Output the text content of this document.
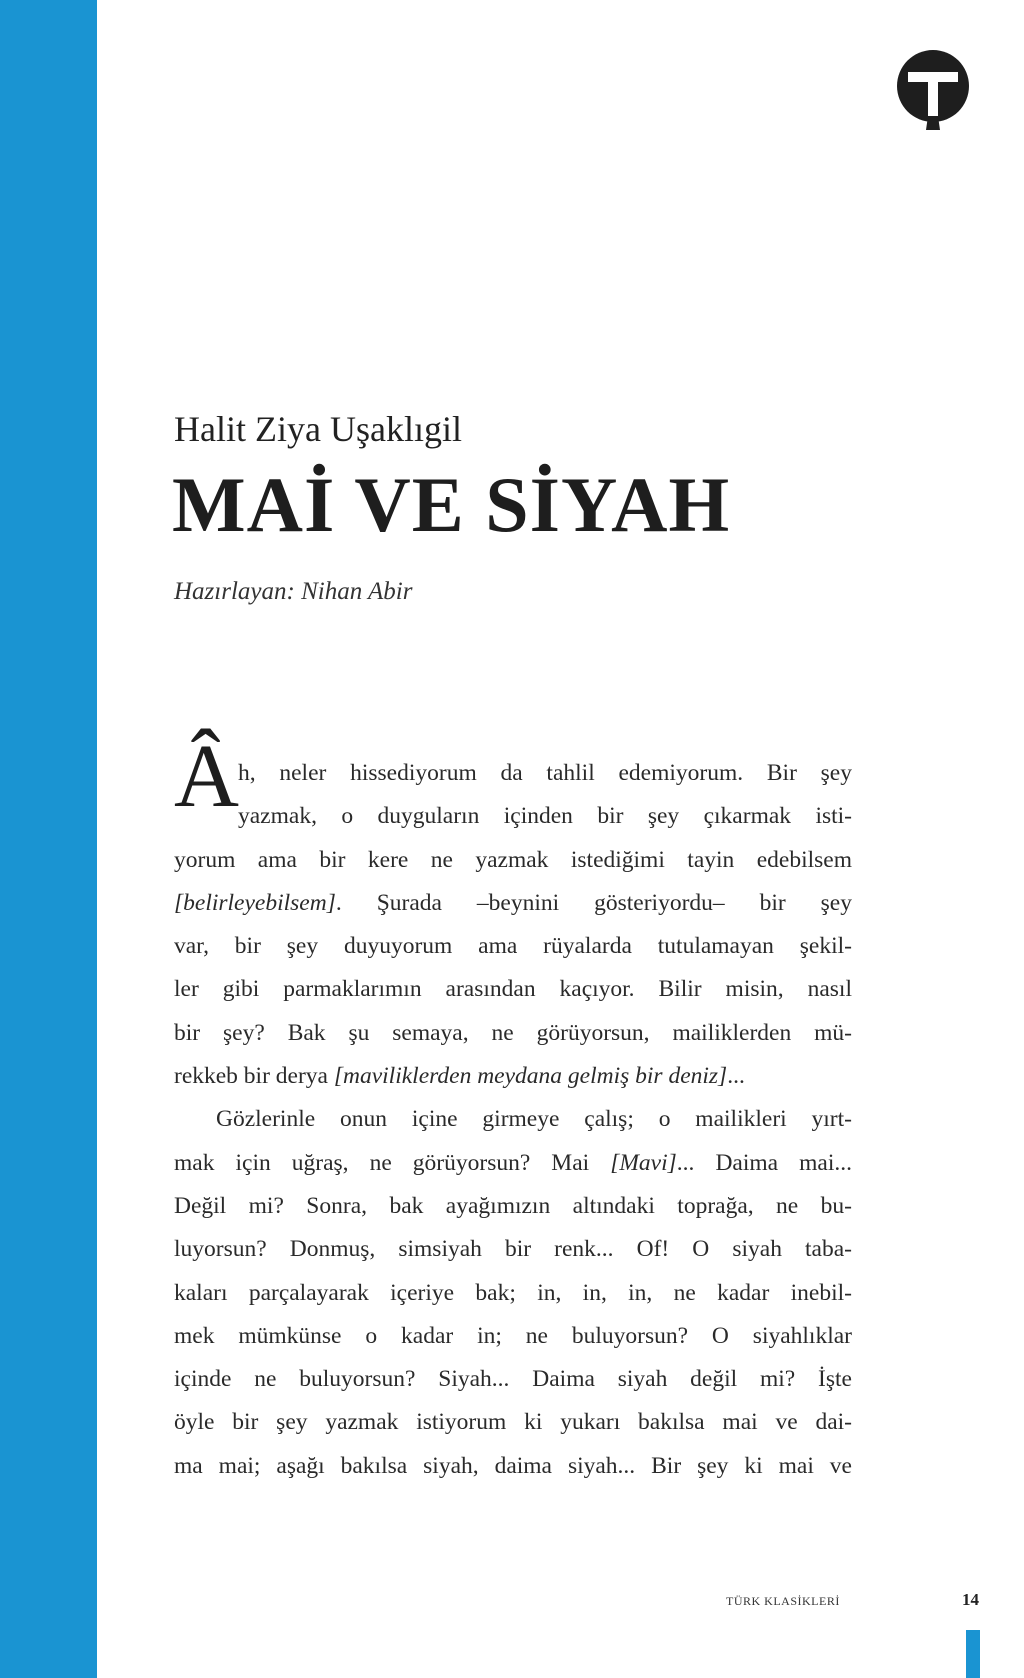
Halit Ziya Uşaklıgil
MAİ VE SİYAH
Hazırlayan: Nihan Abir
Â h, neler hissediyorum da tahlil edemiyorum. Bir şey
yazmak, o duyguların içinden bir şey çıkarmak isti-
yorum ama bir kere ne yazmak istediğimi tayin edebilsem
[belirleyebilsem]. Şurada –beynini gösteriyordu– bir şey
var, bir şey duyuyorum ama rüyalarda tutulamayan şekil-
ler gibi parmaklarımın arasından kaçıyor. Bilir misin, nasıl
bir şey? Bak şu semaya, ne görüyorsun, mailiklerden mü-
rekkeb bir derya [maviliklerden meydana gelmiş bir deniz]...
Gözlerinle onun içine girmeye çalış; o mailikleri yırt-
mak için uğraş, ne görüyorsun? Mai [Mavi]... Daima mai...
Değil mi? Sonra, bak ayağımızın altındaki toprağa, ne bu-
luyorsun? Donmuş, simsiyah bir renk... Of! O siyah taba-
kaları parçalayarak içeriye bak; in, in, in, ne kadar inebil-
mek mümkünse o kadar in; ne buluyorsun? O siyahlıklar
içinde ne buluyorsun? Siyah... Daima siyah değil mi? İşte
öyle bir şey yazmak istiyorum ki yukarı bakılsa mai ve dai-
ma mai; aşağı bakılsa siyah, daima siyah... Bir şey ki mai ve
TÜRK KLASİKLERİ	14
